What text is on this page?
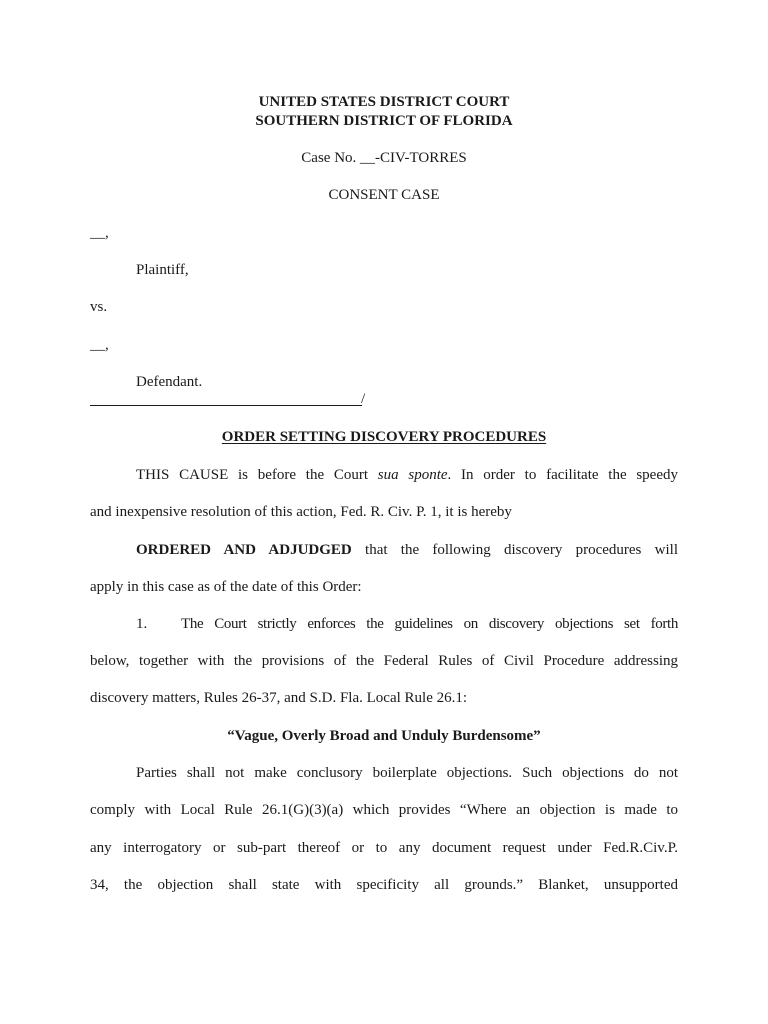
UNITED STATES DISTRICT COURT
SOUTHERN DISTRICT OF FLORIDA
Case No. __-CIV-TORRES
CONSENT CASE
__,
Plaintiff,
vs.
__,
Defendant.
/
ORDER SETTING DISCOVERY PROCEDURES
THIS CAUSE is before the Court sua sponte. In order to facilitate the speedy
and inexpensive resolution of this action, Fed. R. Civ. P. 1, it is hereby
ORDERED AND ADJUDGED that the following discovery procedures will
apply in this case as of the date of this Order:
1. The Court strictly enforces the guidelines on discovery objections set forth
below, together with the provisions of the Federal Rules of Civil Procedure addressing
discovery matters, Rules 26-37, and S.D. Fla. Local Rule 26.1:
“Vague, Overly Broad and Unduly Burdensome”
Parties shall not make conclusory boilerplate objections. Such objections do not
comply with Local Rule 26.1(G)(3)(a) which provides “Where an objection is made to
any interrogatory or sub-part thereof or to any document request under Fed.R.Civ.P.
34, the objection shall state with specificity all grounds.” Blanket, unsupported
